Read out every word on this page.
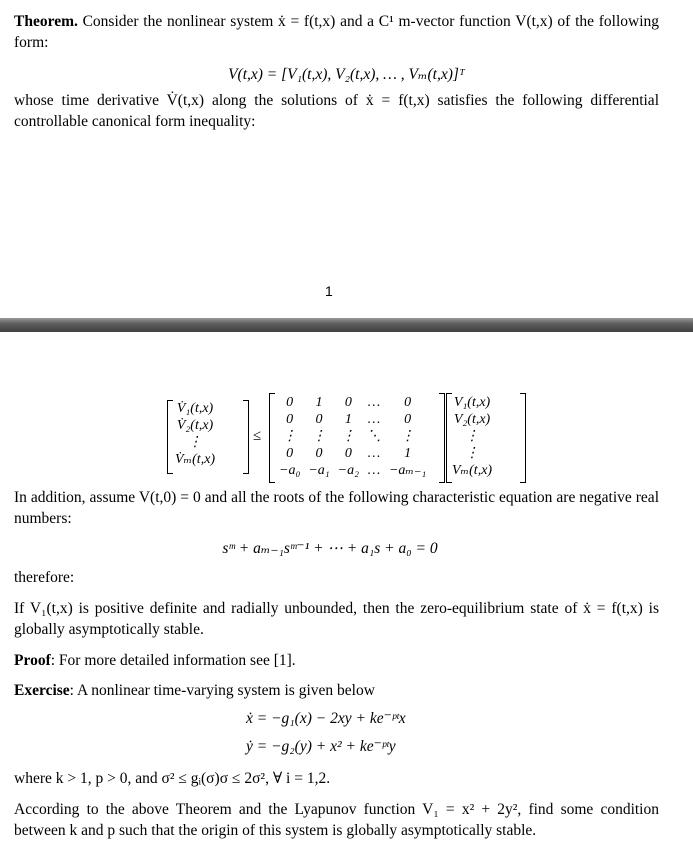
Theorem. Consider the nonlinear system ẋ = f(t,x) and a C¹ m-vector function V(t,x) of the following form:
V(t,x) = [V₁(t,x), V₂(t,x), … , Vₘ(t,x)]ᵀ
whose time derivative V̇(t,x) along the solutions of ẋ = f(t,x) satisfies the following differential controllable canonical form inequality:
1
V̇₁(t,x)
V̇₂(t,x)
⋮
V̇ₘ(t,x)
≤
0	1	0	…	0
0	0	1	…	0
⋮	⋮	⋮	⋱	⋮
0	0	0	…	1
−a₀	−a₁	−a₂	…	−aₘ₋₁
V₁(t,x)
V₂(t,x)
⋮
⋮
Vₘ(t,x)
In addition, assume V(t,0) = 0 and all the roots of the following characteristic equation are negative real numbers:
sᵐ + aₘ₋₁sᵐ⁻¹ + ⋯ + a₁s + a₀ = 0
therefore:
If V₁(t,x) is positive definite and radially unbounded, then the zero-equilibrium state of ẋ = f(t,x) is globally asymptotically stable.
Proof: For more detailed information see [1].
Exercise: A nonlinear time-varying system is given below
ẋ = −g₁(x) − 2xy + ke⁻ᵖᵗx
ẏ = −g₂(y) + x² + ke⁻ᵖᵗy
where k > 1, p > 0, and σ² ≤ gᵢ(σ)σ ≤ 2σ², ∀ i = 1,2.
According to the above Theorem and the Lyapunov function V₁ = x² + 2y², find some condition between k and p such that the origin of this system is globally asymptotically stable.
